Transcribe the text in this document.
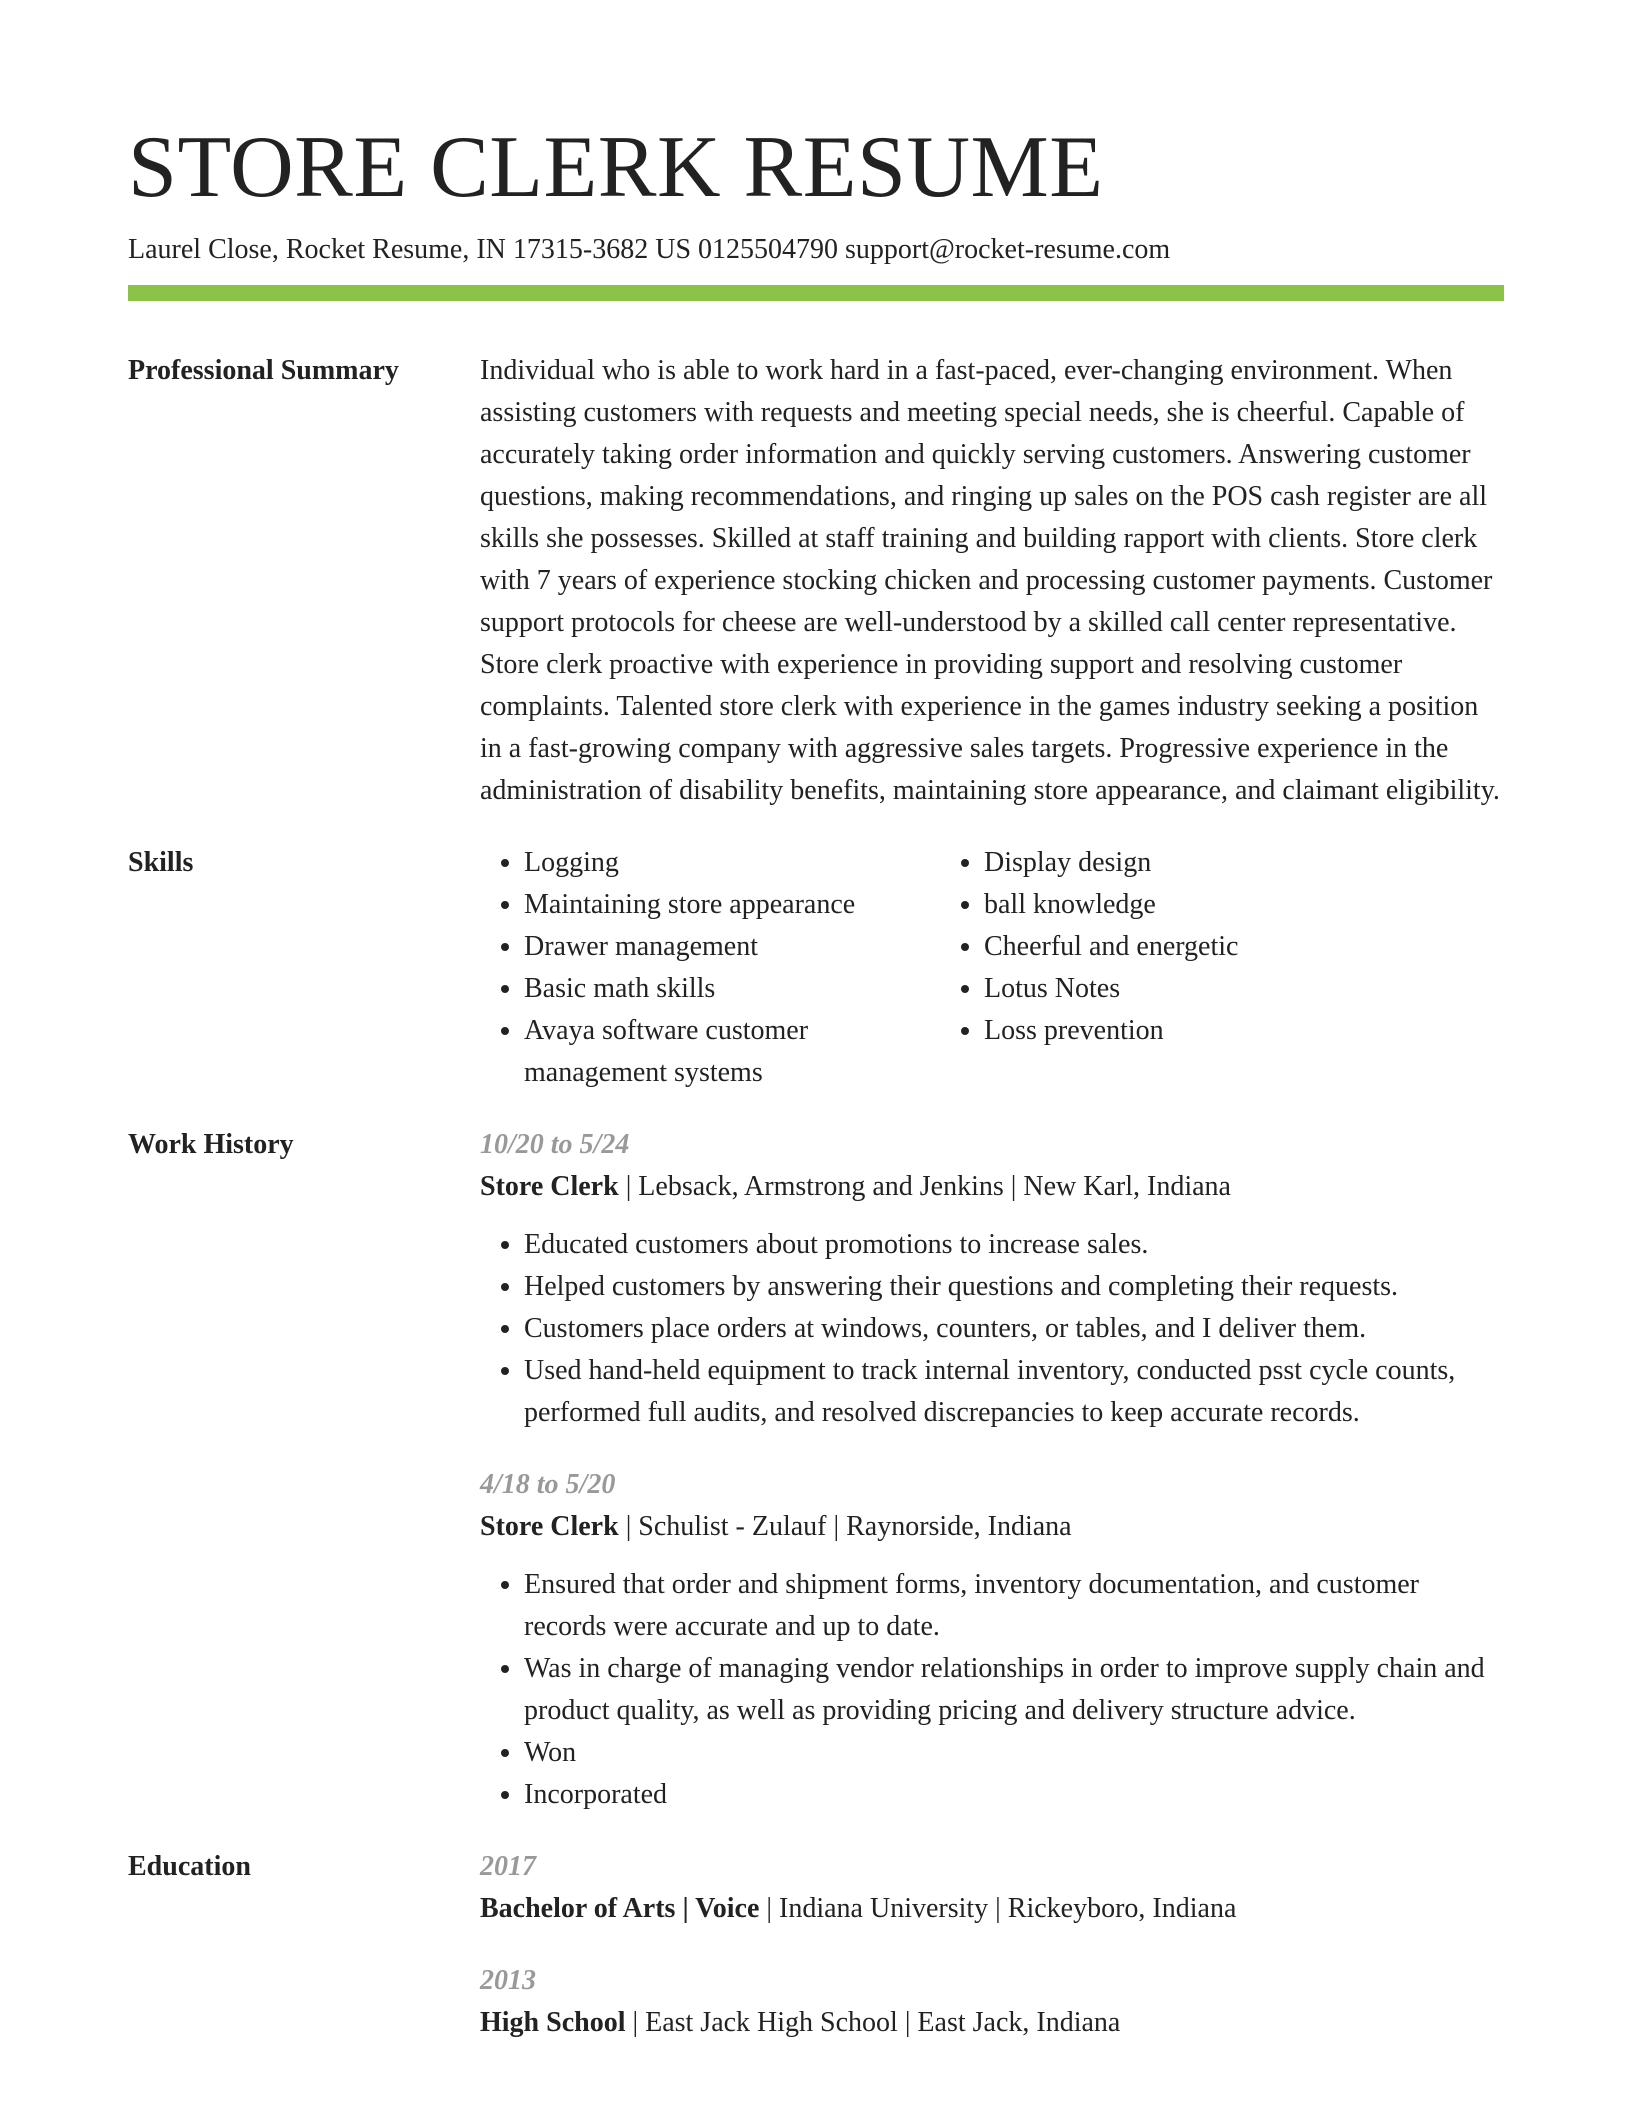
STORE CLERK RESUME
Laurel Close, Rocket Resume, IN 17315-3682 US 0125504790 support@rocket-resume.com
Professional Summary	Individual who is able to work hard in a fast-paced, ever-changing environment. When assisting customers with requests and meeting special needs, she is cheerful. Capable of accurately taking order information and quickly serving customers. Answering customer questions, making recommendations, and ringing up sales on the POS cash register are all skills she possesses. Skilled at staff training and building rapport with clients. Store clerk with 7 years of experience stocking chicken and processing customer payments. Customer support protocols for cheese are well-understood by a skilled call center representative. Store clerk proactive with experience in providing support and resolving customer complaints. Talented store clerk with experience in the games industry seeking a position in a fast-growing company with aggressive sales targets. Progressive experience in the administration of disability benefits, maintaining store appearance, and claimant eligibility.

Skills
•	Logging
• Maintaining store appearance
• Drawer management
• Basic math skills
• Avaya software customer management systems
• Display design
• ball knowledge
• Cheerful and energetic
• Lotus Notes
• Loss prevention
Work History	10/20 to 5/24
Store Clerk | Lebsack, Armstrong and Jenkins | New Karl, Indiana
• Educated customers about promotions to increase sales.
• Helped customers by answering their questions and completing their requests.
• Customers place orders at windows, counters, or tables, and I deliver them.
• Used hand-held equipment to track internal inventory, conducted psst cycle counts, performed full audits, and resolved discrepancies to keep accurate records.
4/18 to 5/20
Store Clerk | Schulist - Zulauf | Raynorside, Indiana
• Ensured that order and shipment forms, inventory documentation, and customer records were accurate and up to date.
• Was in charge of managing vendor relationships in order to improve supply chain and product quality, as well as providing pricing and delivery structure advice.
• Won
• Incorporated
Education	2017
Bachelor of Arts | Voice | Indiana University | Rickeyboro, Indiana
2013
High School | East Jack High School | East Jack, Indiana
